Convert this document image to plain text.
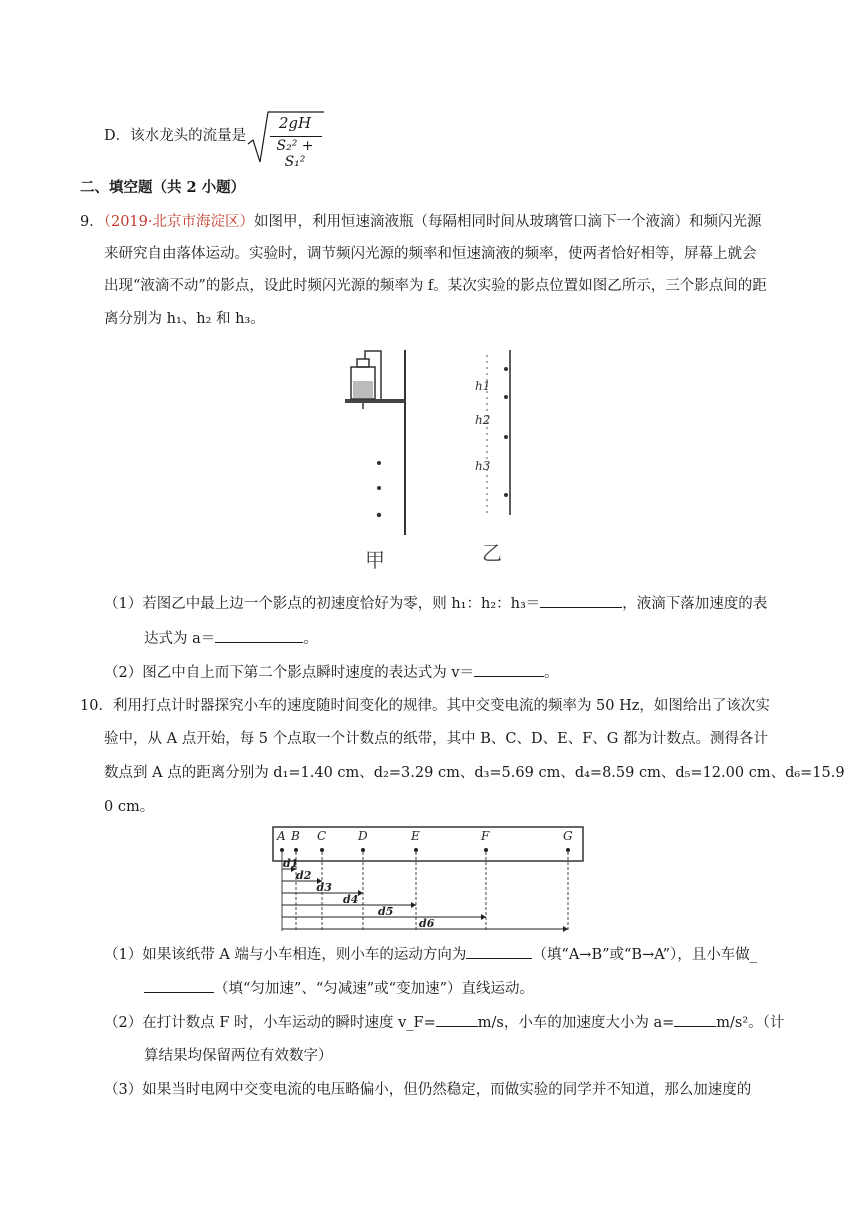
D．该水龙头的流量是
2gH
S₂² + S₁²
二、填空题（共 2 小题）
9．（2019·北京市海淀区）如图甲，利用恒速滴液瓶（每隔相同时间从玻璃管口滴下一个液滴）和频闪光源
来研究自由落体运动。实验时，调节频闪光源的频率和恒速滴液的频率，使两者恰好相等，屏幕上就会
出现“液滴不动”的影点，设此时频闪光源的频率为 f。某次实验的影点位置如图乙所示，三个影点间的距
离分别为 h₁、h₂ 和 h₃。
甲
h1
h2
h3
乙
（1）若图乙中最上边一个影点的初速度恰好为零，则 h₁：h₂：h₃＝	，液滴下落加速度的表
达式为 a＝	。
（2）图乙中自上而下第二个影点瞬时速度的表达式为 v＝	。
10．利用打点计时器探究小车的速度随时间变化的规律。其中交变电流的频率为 50 Hz，如图给出了该次实
验中，从 A 点开始，每 5 个点取一个计数点的纸带，其中 B、C、D、E、F、G 都为计数点。测得各计
数点到 A 点的距离分别为 d₁=1.40 cm、d₂=3.29 cm、d₃=5.69 cm、d₄=8.59 cm、d₅=12.00 cm、d₆=15.9
0 cm。
A B C	D	E	F	G
d1
d2
d3
d4
d5
d6
（1）如果该纸带 A 端与小车相连，则小车的运动方向为	（填“A→B”或“B→A”），且小车做_
（填“匀加速”、“匀减速”或“变加速”）直线运动。
（2）在打计数点 F 时，小车运动的瞬时速度 v_F=	m/s，小车的加速度大小为 a=	m/s²。（计
算结果均保留两位有效数字）
（3）如果当时电网中交变电流的电压略偏小，但仍然稳定，而做实验的同学并不知道，那么加速度的
